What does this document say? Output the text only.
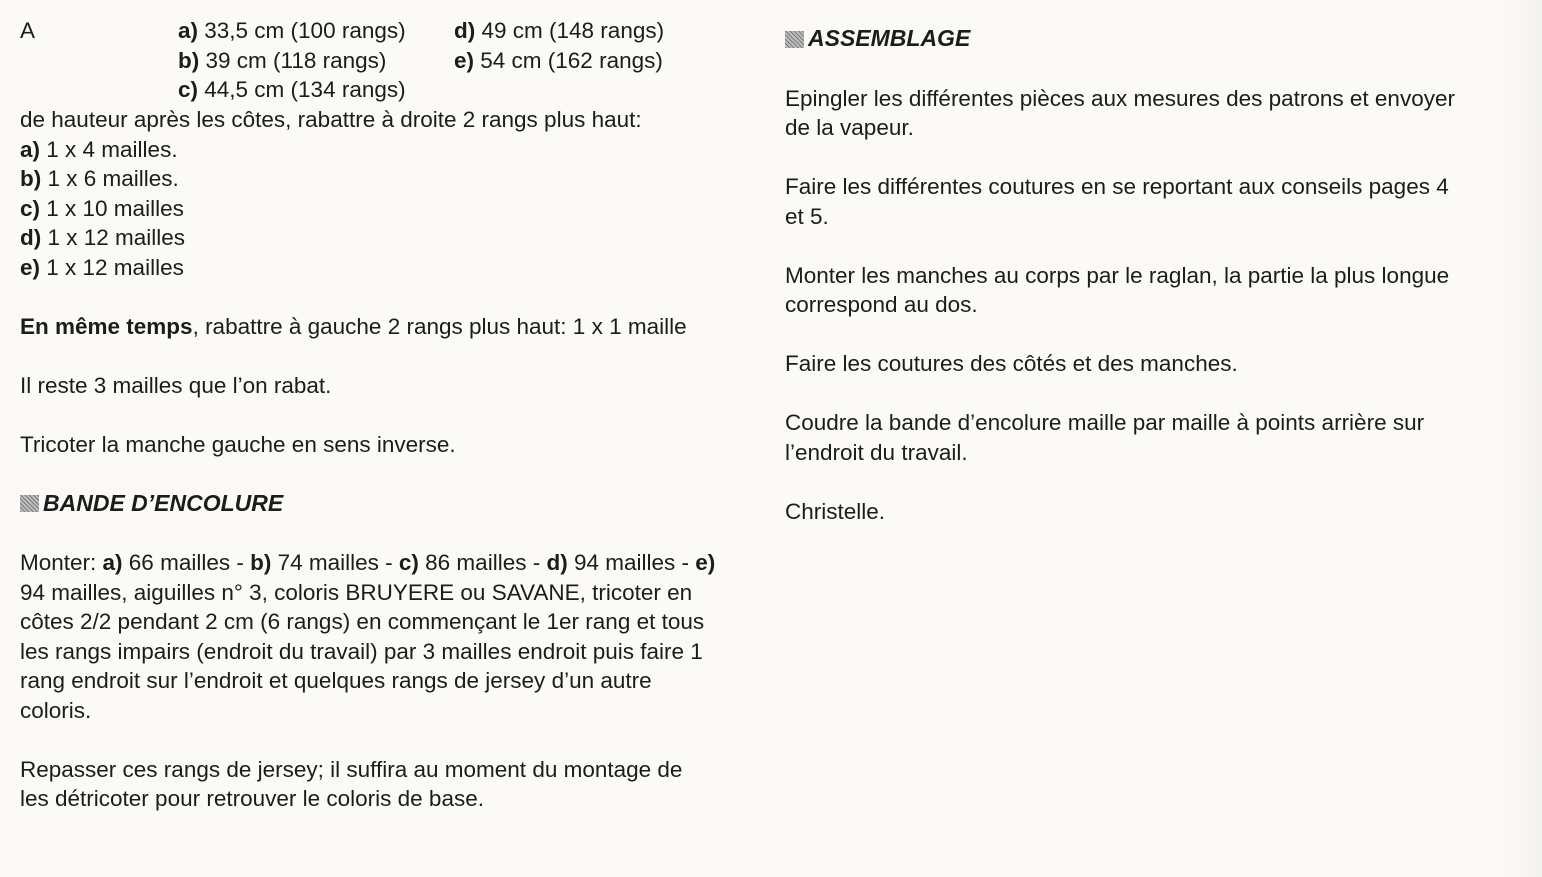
A	a) 33,5 cm (100 rangs)
b) 39 cm (118 rangs)
c) 44,5 cm (134 rangs)
d) 49 cm (148 rangs)
e) 54 cm (162 rangs)
de hauteur après les côtes, rabattre à droite 2 rangs plus haut:
a) 1 x 4 mailles.
b) 1 x 6 mailles.
c) 1 x 10 mailles
d) 1 x 12 mailles
e) 1 x 12 mailles
En même temps, rabattre à gauche 2 rangs plus haut: 1 x 1 maille
Il reste 3 mailles que l’on rabat.
Tricoter la manche gauche en sens inverse.
BANDE D’ENCOLURE
Monter: a) 66 mailles - b) 74 mailles - c) 86 mailles - d) 94 mailles - e)
94 mailles, aiguilles n° 3, coloris BRUYERE ou SAVANE, tricoter en
côtes 2/2 pendant 2 cm (6 rangs) en commençant le 1er rang et tous
les rangs impairs (endroit du travail) par 3 mailles endroit puis faire 1
rang endroit sur l’endroit et quelques rangs de jersey d’un autre
coloris.
Repasser ces rangs de jersey; il suffira au moment du montage de
les détricoter pour retrouver le coloris de base.
ASSEMBLAGE
Epingler les différentes pièces aux mesures des patrons et envoyer
de la vapeur.
Faire les différentes coutures en se reportant aux conseils pages 4
et 5.
Monter les manches au corps par le raglan, la partie la plus longue
correspond au dos.
Faire les coutures des côtés et des manches.
Coudre la bande d’encolure maille par maille à points arrière sur
l’endroit du travail.
Christelle.
